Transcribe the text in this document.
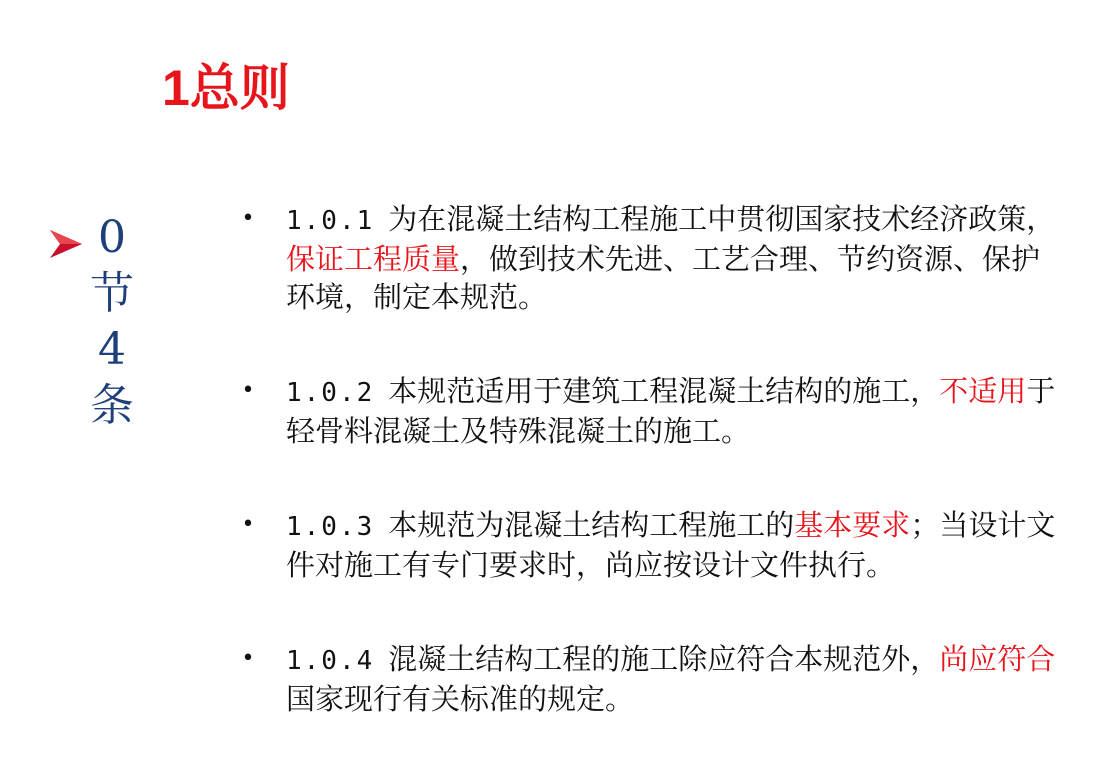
1总则
0
节
4
条
• 1.0.1 为在混凝土结构工程施工中贯彻国家技术经济政策，保证工程质量，做到技术先进、工艺合理、节约资源、保护环境，制定本规范。
• 1.0.2 本规范适用于建筑工程混凝土结构的施工，不适用于轻骨料混凝土及特殊混凝土的施工。
• 1.0.3 本规范为混凝土结构工程施工的基本要求；当设计文件对施工有专门要求时，尚应按设计文件执行。
• 1.0.4 混凝土结构工程的施工除应符合本规范外，尚应符合国家现行有关标准的规定。
